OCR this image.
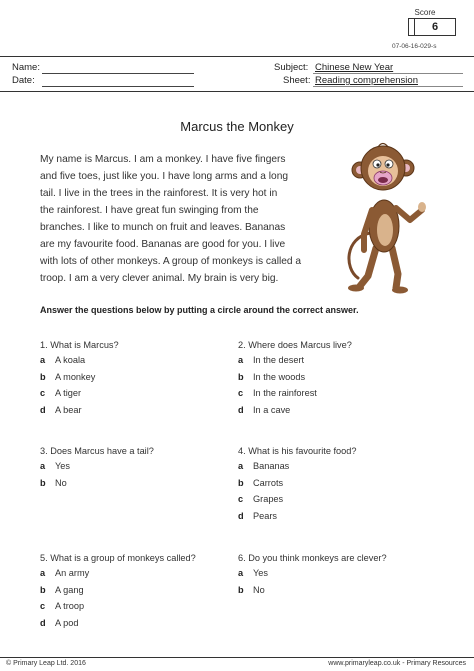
Score
6
07-06-16-029-s
Name:
Date:
Subject: Chinese New Year
Sheet: Reading comprehension
Marcus the Monkey
My name is Marcus. I am a monkey. I have five fingers
and five toes, just like you. I have long arms and a long
tail. I live in the trees in the rainforest. It is very hot in
the rainforest. I have great fun swinging from the
branches. I like to munch on fruit and leaves. Bananas
are my favourite food. Bananas are good for you. I live
with lots of other monkeys. A group of monkeys is called a
troop. I am a very clever animal. My brain is very big.
Answer the questions below by putting a circle around the correct answer.
1. What is Marcus?
a	A koala
b	A monkey
c	A tiger
d	A bear
2. Where does Marcus live?
a	In the desert
b	In the woods
c	In the rainforest
d	In a cave
3. Does Marcus have a tail?
a	Yes
b	No
4. What is his favourite food?
a	Bananas
b	Carrots
c	Grapes
d	Pears
5. What is a group of monkeys called?
a	An army
b	A gang
c	A troop
d	A pod
6. Do you think monkeys are clever?
a	Yes
b	No
© Primary Leap Ltd. 2016	www.primaryleap.co.uk - Primary Resources
